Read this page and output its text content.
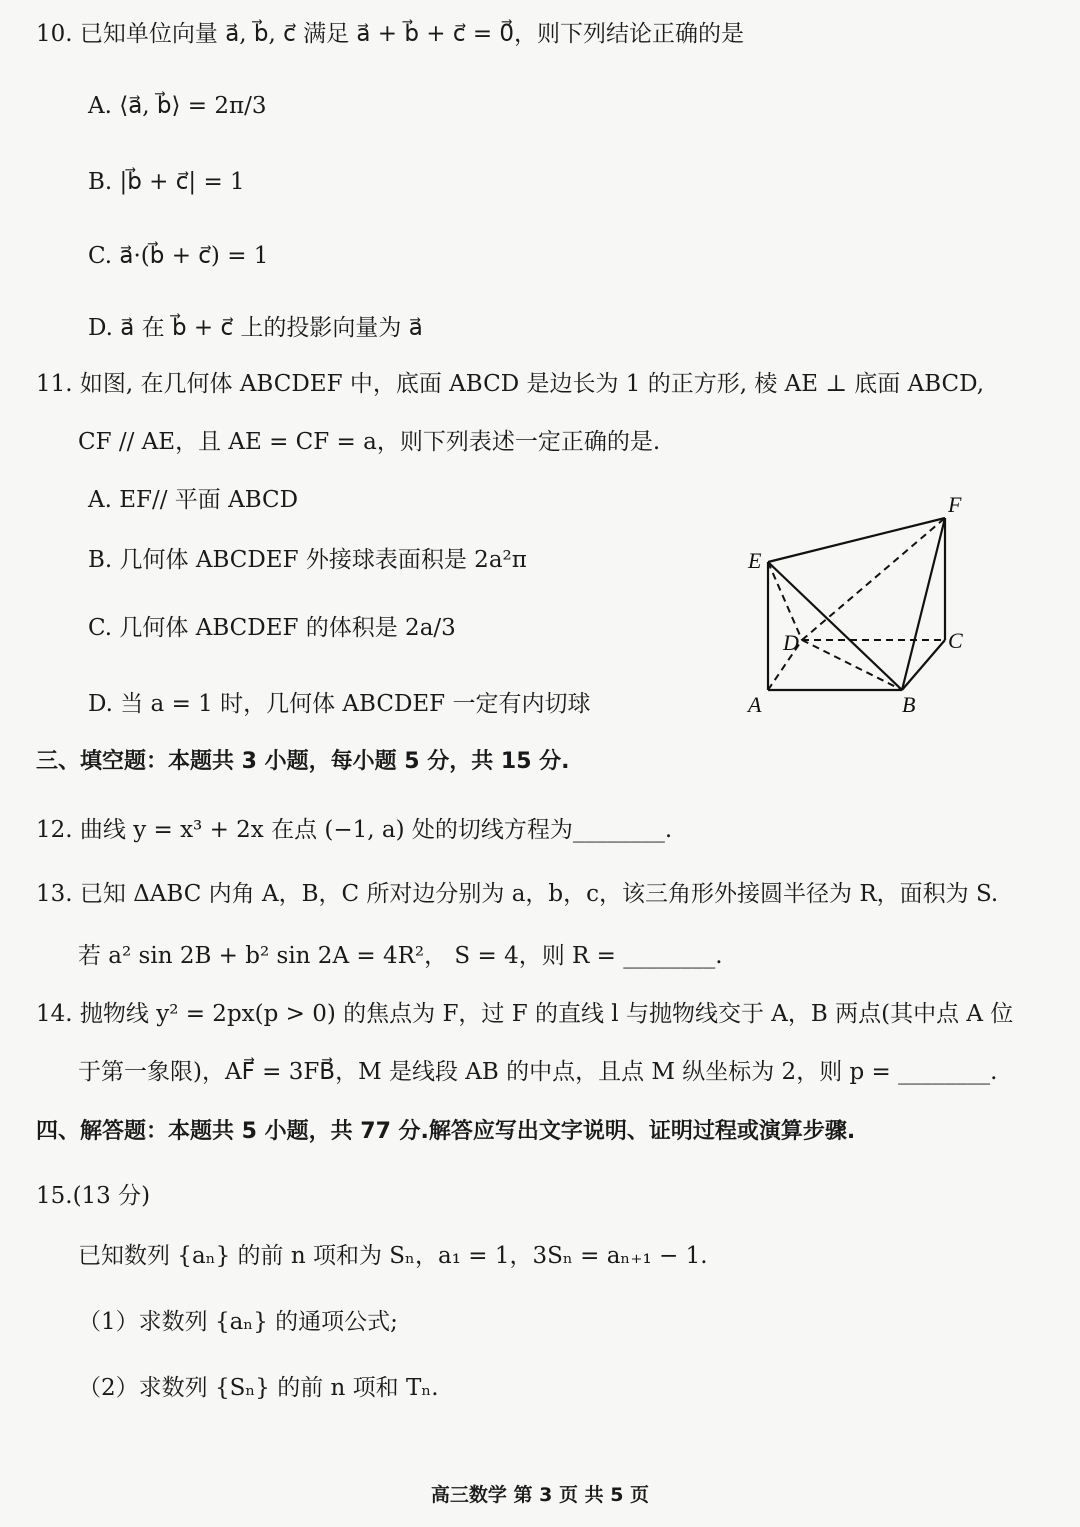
10. 已知单位向量 a⃗, b⃗, c⃗ 满足 a⃗ + b⃗ + c⃗ = 0⃗，则下列结论正确的是
A. ⟨a⃗, b⃗⟩ = 2π/3
B. |b⃗ + c⃗| = 1
C. a⃗·(b⃗ + c⃗) = 1
D. a⃗ 在 b⃗ + c⃗ 上的投影向量为 a⃗
11. 如图, 在几何体 ABCDEF 中，底面 ABCD 是边长为 1 的正方形, 棱 AE ⊥ 底面 ABCD,
CF // AE，且 AE = CF = a，则下列表述一定正确的是.
A. EF// 平面 ABCD
B. 几何体 ABCDEF 外接球表面积是 2a²π
C. 几何体 ABCDEF 的体积是 2a/3
D. 当 a = 1 时，几何体 ABCDEF 一定有内切球
E
F
D	C
A	B
三、填空题：本题共 3 小题，每小题 5 分，共 15 分.
12. 曲线 y = x³ + 2x 在点 (−1, a) 处的切线方程为________.
13. 已知 ΔABC 内角 A，B，C 所对边分别为 a，b，c，该三角形外接圆半径为 R，面积为 S.
若 a² sin 2B + b² sin 2A = 4R²， S = 4，则 R = ________.
14. 抛物线 y² = 2px(p > 0) 的焦点为 F，过 F 的直线 l 与抛物线交于 A，B 两点(其中点 A 位
于第一象限)，AF⃗ = 3FB⃗，M 是线段 AB 的中点，且点 M 纵坐标为 2，则 p = ________.
四、解答题：本题共 5 小题，共 77 分.解答应写出文字说明、证明过程或演算步骤.
15.(13 分)
已知数列 {aₙ} 的前 n 项和为 Sₙ，a₁ = 1，3Sₙ = aₙ₊₁ − 1.
（1）求数列 {aₙ} 的通项公式;
（2）求数列 {Sₙ} 的前 n 项和 Tₙ.
高三数学 第 3 页 共 5 页
